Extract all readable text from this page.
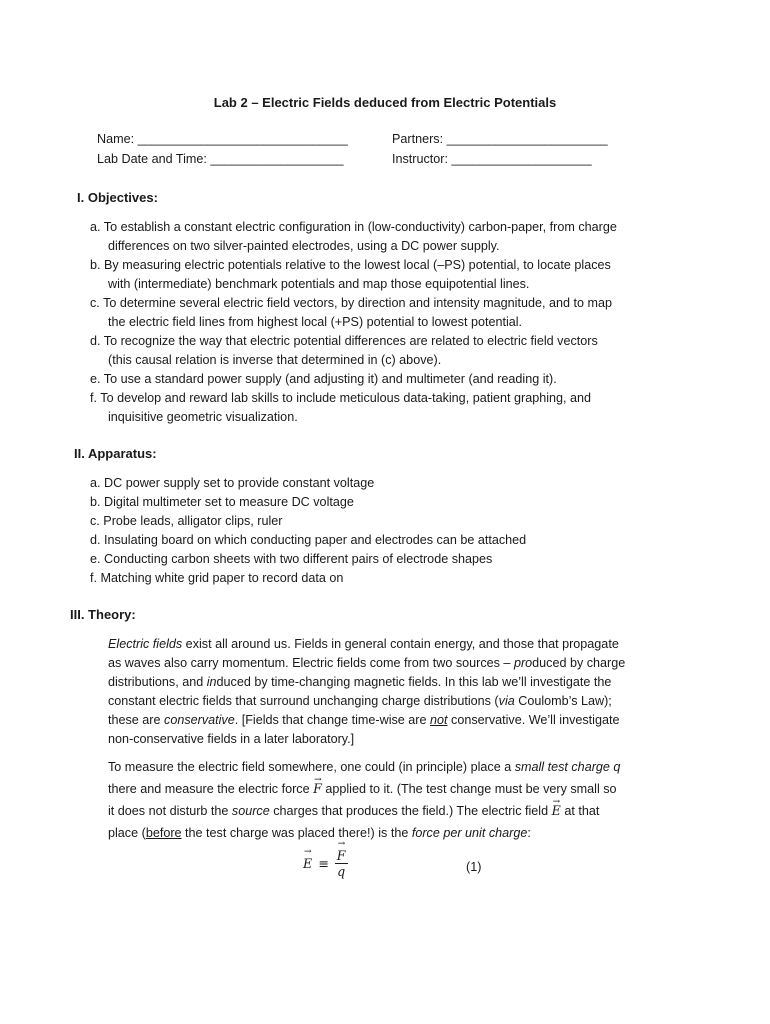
Lab 2 – Electric Fields deduced from Electric Potentials
Name: ______________________________	Partners: _______________________
Lab Date and Time: ___________________	Instructor: ____________________
I. Objectives:
a. To establish a constant electric configuration in (low-conductivity) carbon-paper, from charge
differences on two silver-painted electrodes, using a DC power supply.
b. By measuring electric potentials relative to the lowest local (–PS) potential, to locate places
with (intermediate) benchmark potentials and map those equipotential lines.
c. To determine several electric field vectors, by direction and intensity magnitude, and to map
the electric field lines from highest local (+PS) potential to lowest potential.
d. To recognize the way that electric potential differences are related to electric field vectors
(this causal relation is inverse that determined in (c) above).
e. To use a standard power supply (and adjusting it) and multimeter (and reading it).
f. To develop and reward lab skills to include meticulous data-taking, patient graphing, and
inquisitive geometric visualization.
II. Apparatus:
a. DC power supply set to provide constant voltage
b. Digital multimeter set to measure DC voltage
c. Probe leads, alligator clips, ruler
d. Insulating board on which conducting paper and electrodes can be attached
e. Conducting carbon sheets with two different pairs of electrode shapes
f. Matching white grid paper to record data on
III. Theory:
Electric fields exist all around us. Fields in general contain energy, and those that propagate
as waves also carry momentum. Electric fields come from two sources – produced by charge
distributions, and induced by time-changing magnetic fields. In this lab we’ll investigate the
constant electric fields that surround unchanging charge distributions (via Coulomb’s Law);
these are conservative. [Fields that change time-wise are not conservative. We’ll investigate
non-conservative fields in a later laboratory.]
To measure the electric field somewhere, one could (in principle) place a small test charge q
there and measure the electric force → F applied to it. (The test change must be very small so
it does not disturb the source charges that produces the field.) The electric field → E at that
place (before the test charge was placed there!) is the force per unit charge:
→ E ≡ → $\frac{F}{q}$	(1)
